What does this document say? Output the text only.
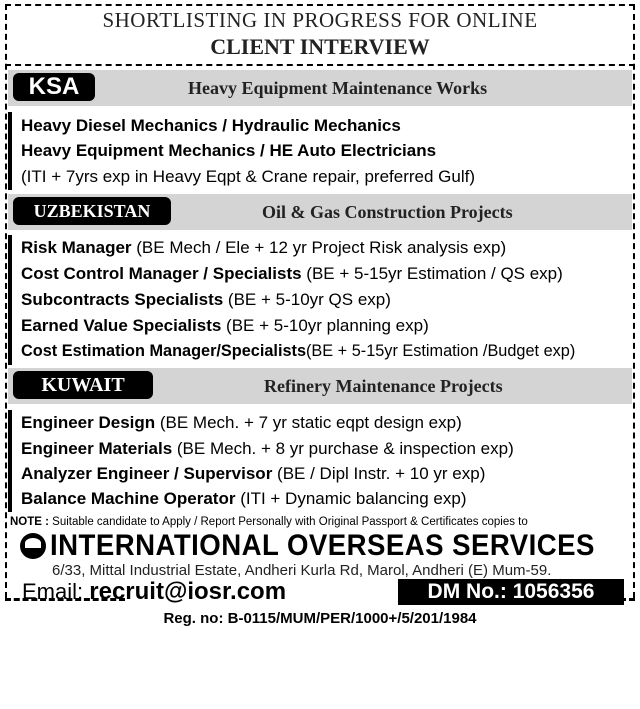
SHORTLISTING IN PROGRESS FOR ONLINE
CLIENT INTERVIEW
KSA	Heavy Equipment Maintenance Works
Heavy Diesel Mechanics / Hydraulic Mechanics
Heavy Equipment Mechanics / HE Auto Electricians
(ITI + 7yrs exp in Heavy Eqpt & Crane repair, preferred Gulf)
UZBEKISTAN	Oil & Gas Construction Projects
Risk Manager (BE Mech / Ele + 12 yr Project Risk analysis exp)
Cost Control Manager / Specialists (BE + 5-15yr Estimation / QS exp)
Subcontracts Specialists (BE + 5-10yr QS exp)
Earned Value Specialists (BE + 5-10yr planning exp)
Cost Estimation Manager/Specialists(BE + 5-15yr Estimation /Budget exp)
KUWAIT	Refinery Maintenance Projects
Engineer Design (BE Mech. + 7 yr static eqpt design exp)
Engineer Materials (BE Mech. + 8 yr purchase & inspection exp)
Analyzer Engineer / Supervisor (BE / Dipl Instr. + 10 yr exp)
Balance Machine Operator (ITI + Dynamic balancing exp)
NOTE : Suitable candidate to Apply / Report Personally with Original Passport & Certificates copies to
INTERNATIONAL OVERSEAS SERVICES
6/33, Mittal Industrial Estate, Andheri Kurla Rd, Marol, Andheri (E) Mum-59.
Email: recruit@iosr.com	DM No.: 1056356
Reg. no: B-0115/MUM/PER/1000+/5/201/1984
